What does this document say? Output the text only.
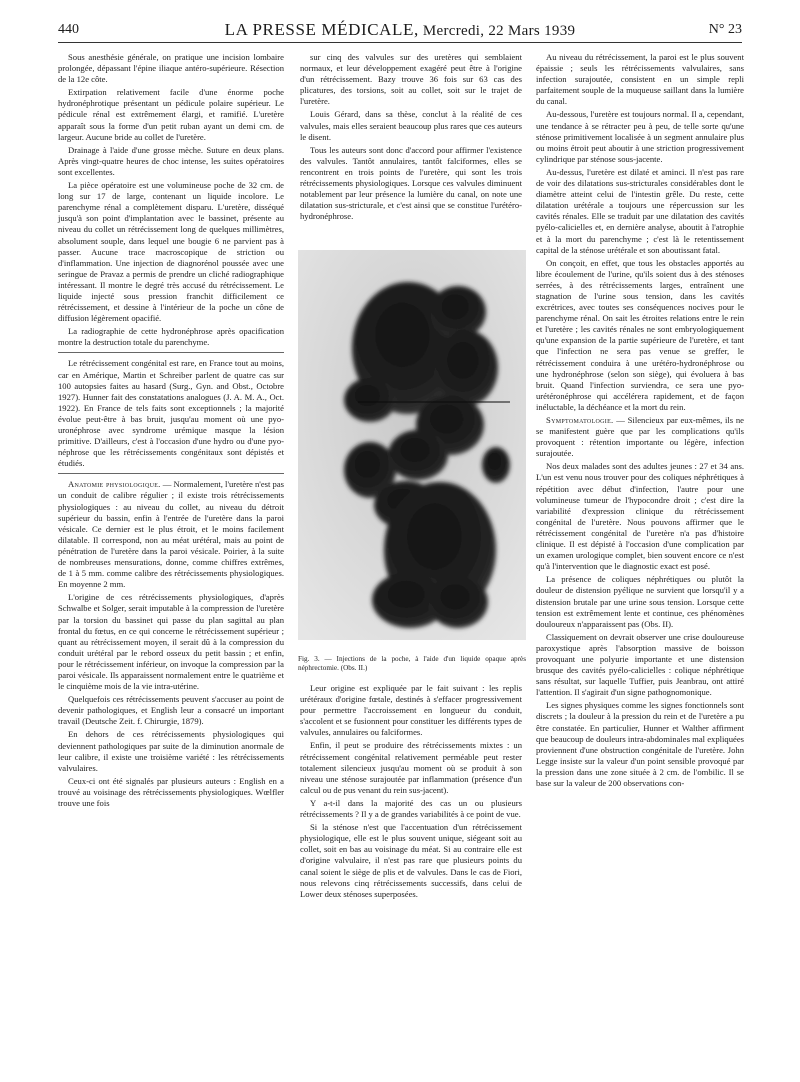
440	LA PRESSE MÉDICALE, Mercredi, 22 Mars 1939	N° 23

Sous anesthésie générale, on pratique une incision lombaire prolongée, dépassant l'épine iliaque antéro-supérieure. Résection de la 12e côte.

Extirpation relativement facile d'une énorme poche hydronéphrotique présentant un pédicule polaire supérieur. Le pédicule rénal est extrêmement élargi, et ramifié. L'uretère apparaît sous la forme d'un petit ruban ayant un demi cm. de largeur. Aucune bride au collet de l'uretère.

Drainage à l'aide d'une grosse mèche. Suture en deux plans. Après vingt-quatre heures de choc intense, les suites opératoires sont excellentes.

La pièce opératoire est une volumineuse poche de 32 cm. de long sur 17 de large, contenant un liquide incolore. Le parenchyme rénal a complètement disparu. L'uretère, disséqué jusqu'à son point d'implantation avec le bassinet, présente au niveau du collet un rétrécissement long de quelques millimètres, absolument souple, dans lequel une bougie 6 ne parvient pas à passer. Aucune trace macroscopique de striction ou d'inflammation. Une injection de diagnorénol poussée avec une seringue de Pravaz a permis de prendre un cliché radiographique intéressant. Il montre le degré très accusé du rétrécissement. Le liquide injecté sous pression franchit difficilement ce rétrécissement, et dessine à l'intérieur de la poche un cône de diffusion légèrement opacifié.

La radiographie de cette hydronéphrose après opacification montre la destruction totale du parenchyme.

Le rétrécissement congénital est rare, en France tout au moins, car en Amérique, Martin et Schreiber parlent de quatre cas sur 100 autopsies faites au hasard (Surg., Gyn. and Obst., Octobre 1927). Hunner fait des constatations analogues (J. A. M. A., Oct. 1922). En France de tels faits sont exceptionnels ; la majorité évolue peut-être à bas bruit, jusqu'au moment où une pyo-uronéphrose avec syndrome urémique masque la lésion primitive. D'ailleurs, c'est à l'occasion d'une hydro ou d'une pyo-néphrose que les rétrécissements congénitaux sont dépistés et étudiés.

Anatomie physiologique. — Normalement, l'uretère n'est pas un conduit de calibre régulier ; il existe trois rétrécissements physiologiques : au niveau du collet, au niveau du détroit supérieur du bassin, enfin à l'entrée de l'uretère dans la paroi vésicale. Ce dernier est le plus étroit, et le moins facilement dilatable. Il correspond, non au méat urétéral, mais au point de pénétration de l'uretère dans la paroi vésicale. Poirier, à la suite de nombreuses mensurations, donne, comme chiffres extrêmes, de 1 à 5 mm. comme calibre des rétrécissements physiologiques. En moyenne 2 mm.

L'origine de ces rétrécissements physiologiques, d'après Schwalbe et Solger, serait imputable à la compression de l'uretère par la torsion du bassinet qui passe du plan sagittal au plan frontal du fœtus, en ce qui concerne le rétrécissement supérieur ; quant au rétrécissement moyen, il serait dû à la compression du conduit urétéral par le rebord osseux du petit bassin ; et enfin, pour le rétrécissement inférieur, on invoque la compression par la paroi vésicale. Ils apparaissent normalement entre le quatrième et le cinquième mois de la vie intra-utérine.

Quelquefois ces rétrécissements peuvent s'accuser au point de devenir pathologiques, et English leur a consacré un important travail (Deutsche Zeit. f. Chirurgie, 1879).

En dehors de ces rétrécissements physiologiques qui deviennent pathologiques par suite de la diminution anormale de leur calibre, il existe une troisième variété : les rétrécissements valvulaires.

Ceux-ci ont été signalés par plusieurs auteurs : English en a trouvé au voisinage des rétrécissements physiologiques. Wœlfler trouve une fois

sur cinq des valvules sur des uretères qui semblaient normaux, et leur développement exagéré peut être à l'origine d'un rétrécissement. Bazy trouve 36 fois sur 63 cas des plicatures, des torsions, soit au collet, soit sur le trajet de l'uretère.

Louis Gérard, dans sa thèse, conclut à la réalité de ces valvules, mais elles seraient beaucoup plus rares que ces auteurs le disent.

Tous les auteurs sont donc d'accord pour affirmer l'existence des valvules. Tantôt annulaires, tantôt falciformes, elles se rencontrent en trois points de l'uretère, qui sont les trois rétrécissements physiologiques. Lorsque ces valvules diminuent notablement par leur présence la lumière du canal, on note une dilatation sus-stricturale, et c'est ainsi que se constitue l'urétéro-hydronéphrose.

Fig. 3. — Injections de la poche, à l'aide d'un liquide opaque après néphrectomie. (Obs. II.)

Leur origine est expliquée par le fait suivant : les replis urétéraux d'origine fœtale, destinés à s'effacer progressivement pour permettre l'accroissement en longueur du conduit, s'accolent et se fusionnent pour constituer les différents types de valvules, annulaires ou falciformes.

Enfin, il peut se produire des rétrécissements mixtes : un rétrécissement congénital relativement perméable peut rester totalement silencieux jusqu'au moment où se produit à son niveau une sténose surajoutée par inflammation (présence d'un calcul ou de pus venant du rein sus-jacent).

Y a-t-il dans la majorité des cas un ou plusieurs rétrécissements ? Il y a de grandes variabilités à ce point de vue.

Si la sténose n'est que l'accentuation d'un rétrécissement physiologique, elle est le plus souvent unique, siégeant soit au collet, soit en bas au voisinage du méat. Si au contraire elle est d'origine valvulaire, il n'est pas rare que plusieurs points du canal soient le siège de plis et de valvules. Dans le cas de Fiori, nous relevons cinq rétrécissements successifs, dans celui de Lower deux sténoses superposées.

Au niveau du rétrécissement, la paroi est le plus souvent épaissie ; seuls les rétrécissements valvulaires, sans infection surajoutée, consistent en un simple repli parfaitement souple de la muqueuse saillant dans la lumière du canal.

Au-dessous, l'uretère est toujours normal. Il a, cependant, une tendance à se rétracter peu à peu, de telle sorte qu'une sténose primitivement localisée à un segment annulaire plus ou moins étroit peut aboutir à une striction progressivement cylindrique par sténose sous-jacente.

Au-dessus, l'uretère est dilaté et aminci. Il n'est pas rare de voir des dilatations sus-stricturales considérables dont le diamètre atteint celui de l'intestin grêle. Du reste, cette dilatation urétérale a toujours une répercussion sur les cavités rénales. Elle se traduit par une dilatation des cavités pyélo-calicielles et, en dernière analyse, aboutit à l'atrophie et à la mort du parenchyme ; c'est là le retentissement capital de la sténose urétérale et son aboutissant fatal.

On conçoit, en effet, que tous les obstacles apportés au libre écoulement de l'urine, qu'ils soient dus à des sténoses serrées, à des rétrécissements larges, entraînent une stagnation de l'urine sous tension, dans les cavités excrétrices, avec toutes ses conséquences nocives pour le parenchyme rénal. On sait les étroites relations entre le rein et l'uretère ; les cavités rénales ne sont embryologiquement qu'une expansion de la partie supérieure de l'uretère, et tant que l'infection ne sera pas venue se greffer, le rétrécissement conduira à une urétéro-hydronéphrose ou une hydronéphrose (selon son siège), qui évoluera à bas bruit. Quand l'infection surviendra, ce sera une pyo-urétéronéphrose qui accélérera rapidement, et de façon inéluctable, la déchéance et la mort du rein.

Symptomatologie. — Silencieux par eux-mêmes, ils ne se manifestent guère que par les complications qu'ils provoquent : rétention importante ou légère, infection surajoutée.

Nos deux malades sont des adultes jeunes : 27 et 34 ans. L'un est venu nous trouver pour des coliques néphrétiques à répétition avec début d'infection, l'autre pour une volumineuse tumeur de l'hypocondre droit ; c'est dire la variabilité d'expression clinique du rétrécissement congénital de l'uretère. Nous pouvons affirmer que le rétrécissement congénital de l'uretère n'a pas d'histoire clinique. Il est dépisté à l'occasion d'une complication par un examen urologique complet, bien souvent encore ce n'est qu'à l'intervention que le diagnostic exact est posé.

La présence de coliques néphrétiques ou plutôt la douleur de distension pyélique ne survient que lorsqu'il y a distension brutale par une urine sous tension. Lorsque cette tension est extrêmement lente et continue, ces phénomènes douloureux n'apparaissent pas (Obs. II).

Classiquement on devrait observer une crise douloureuse paroxystique après l'absorption massive de boisson provoquant une polyurie importante et une distension brusque des cavités pyélo-calicielles : colique néphrétique sans résultat, sur laquelle Tuffier, puis Jeanbrau, ont attiré l'attention. Il s'agirait d'un signe pathognomonique.

Les signes physiques comme les signes fonctionnels sont discrets ; la douleur à la pression du rein et de l'uretère a pu être constatée. En particulier, Hunner et Walther affirment que beaucoup de douleurs intra-abdominales mal expliquées proviennent d'une obstruction congénitale de l'uretère. John Legge insiste sur la valeur d'un point sensible provoqué par la pression dans une zone située à 2 cm. de l'ombilic. Il se base sur la valeur de 200 observations con-
